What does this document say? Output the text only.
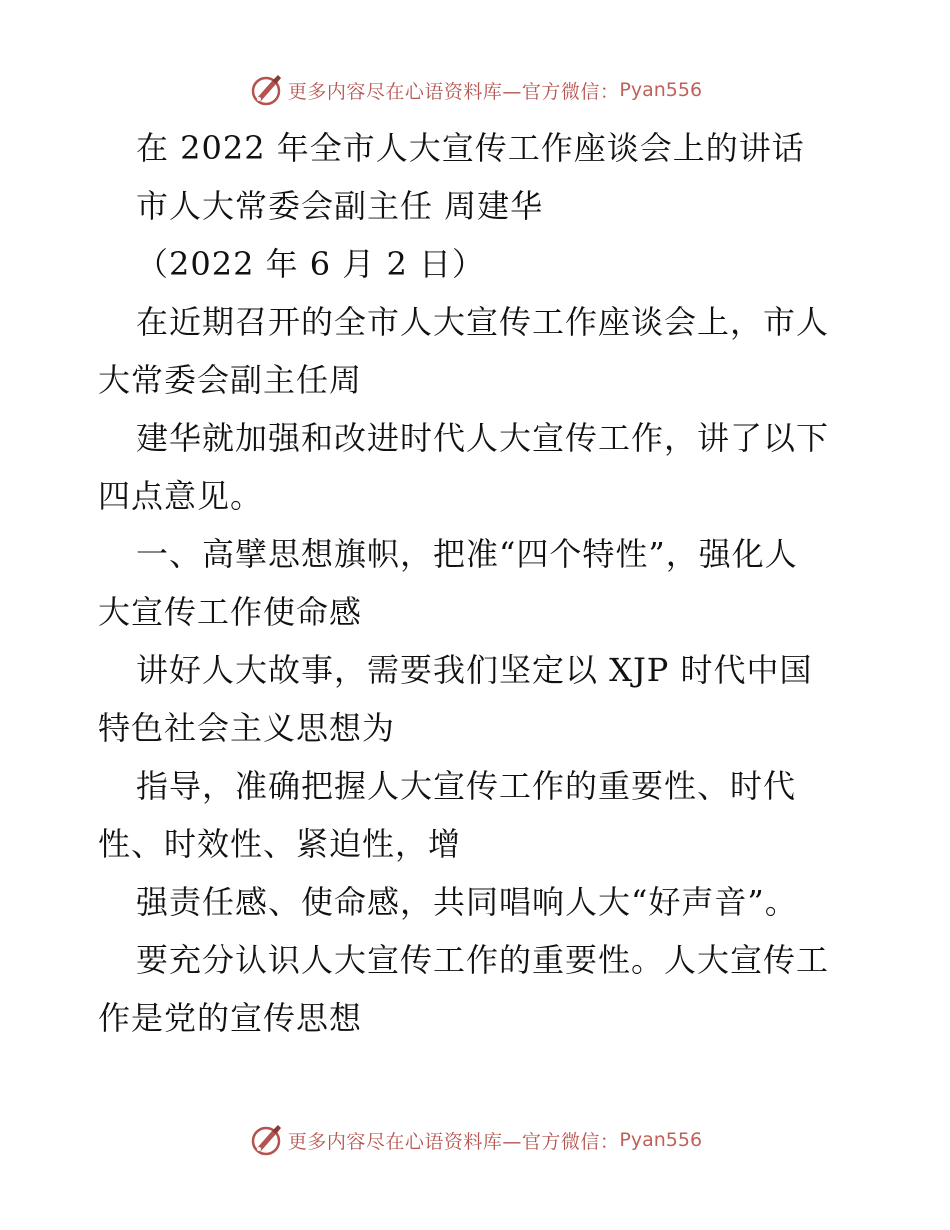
更多内容尽在心语资料库—官方微信： Pyan556
在 2022 年全市人大宣传工作座谈会上的讲话
市人大常委会副主任 周建华
（2022 年 6 月 2 日）
在近期召开的全市人大宣传工作座谈会上，市人
大常委会副主任周
建华就加强和改进时代人大宣传工作，讲了以下
四点意见。
一、高擘思想旗帜，把准“四个特性”，强化人
大宣传工作使命感
讲好人大故事，需要我们坚定以 XJP 时代中国
特色社会主义思想为
指导，准确把握人大宣传工作的重要性、时代
性、时效性、紧迫性，增
强责任感、使命感，共同唱响人大“好声音”。
要充分认识人大宣传工作的重要性。人大宣传工
作是党的宣传思想
更多内容尽在心语资料库—官方微信： Pyan556
